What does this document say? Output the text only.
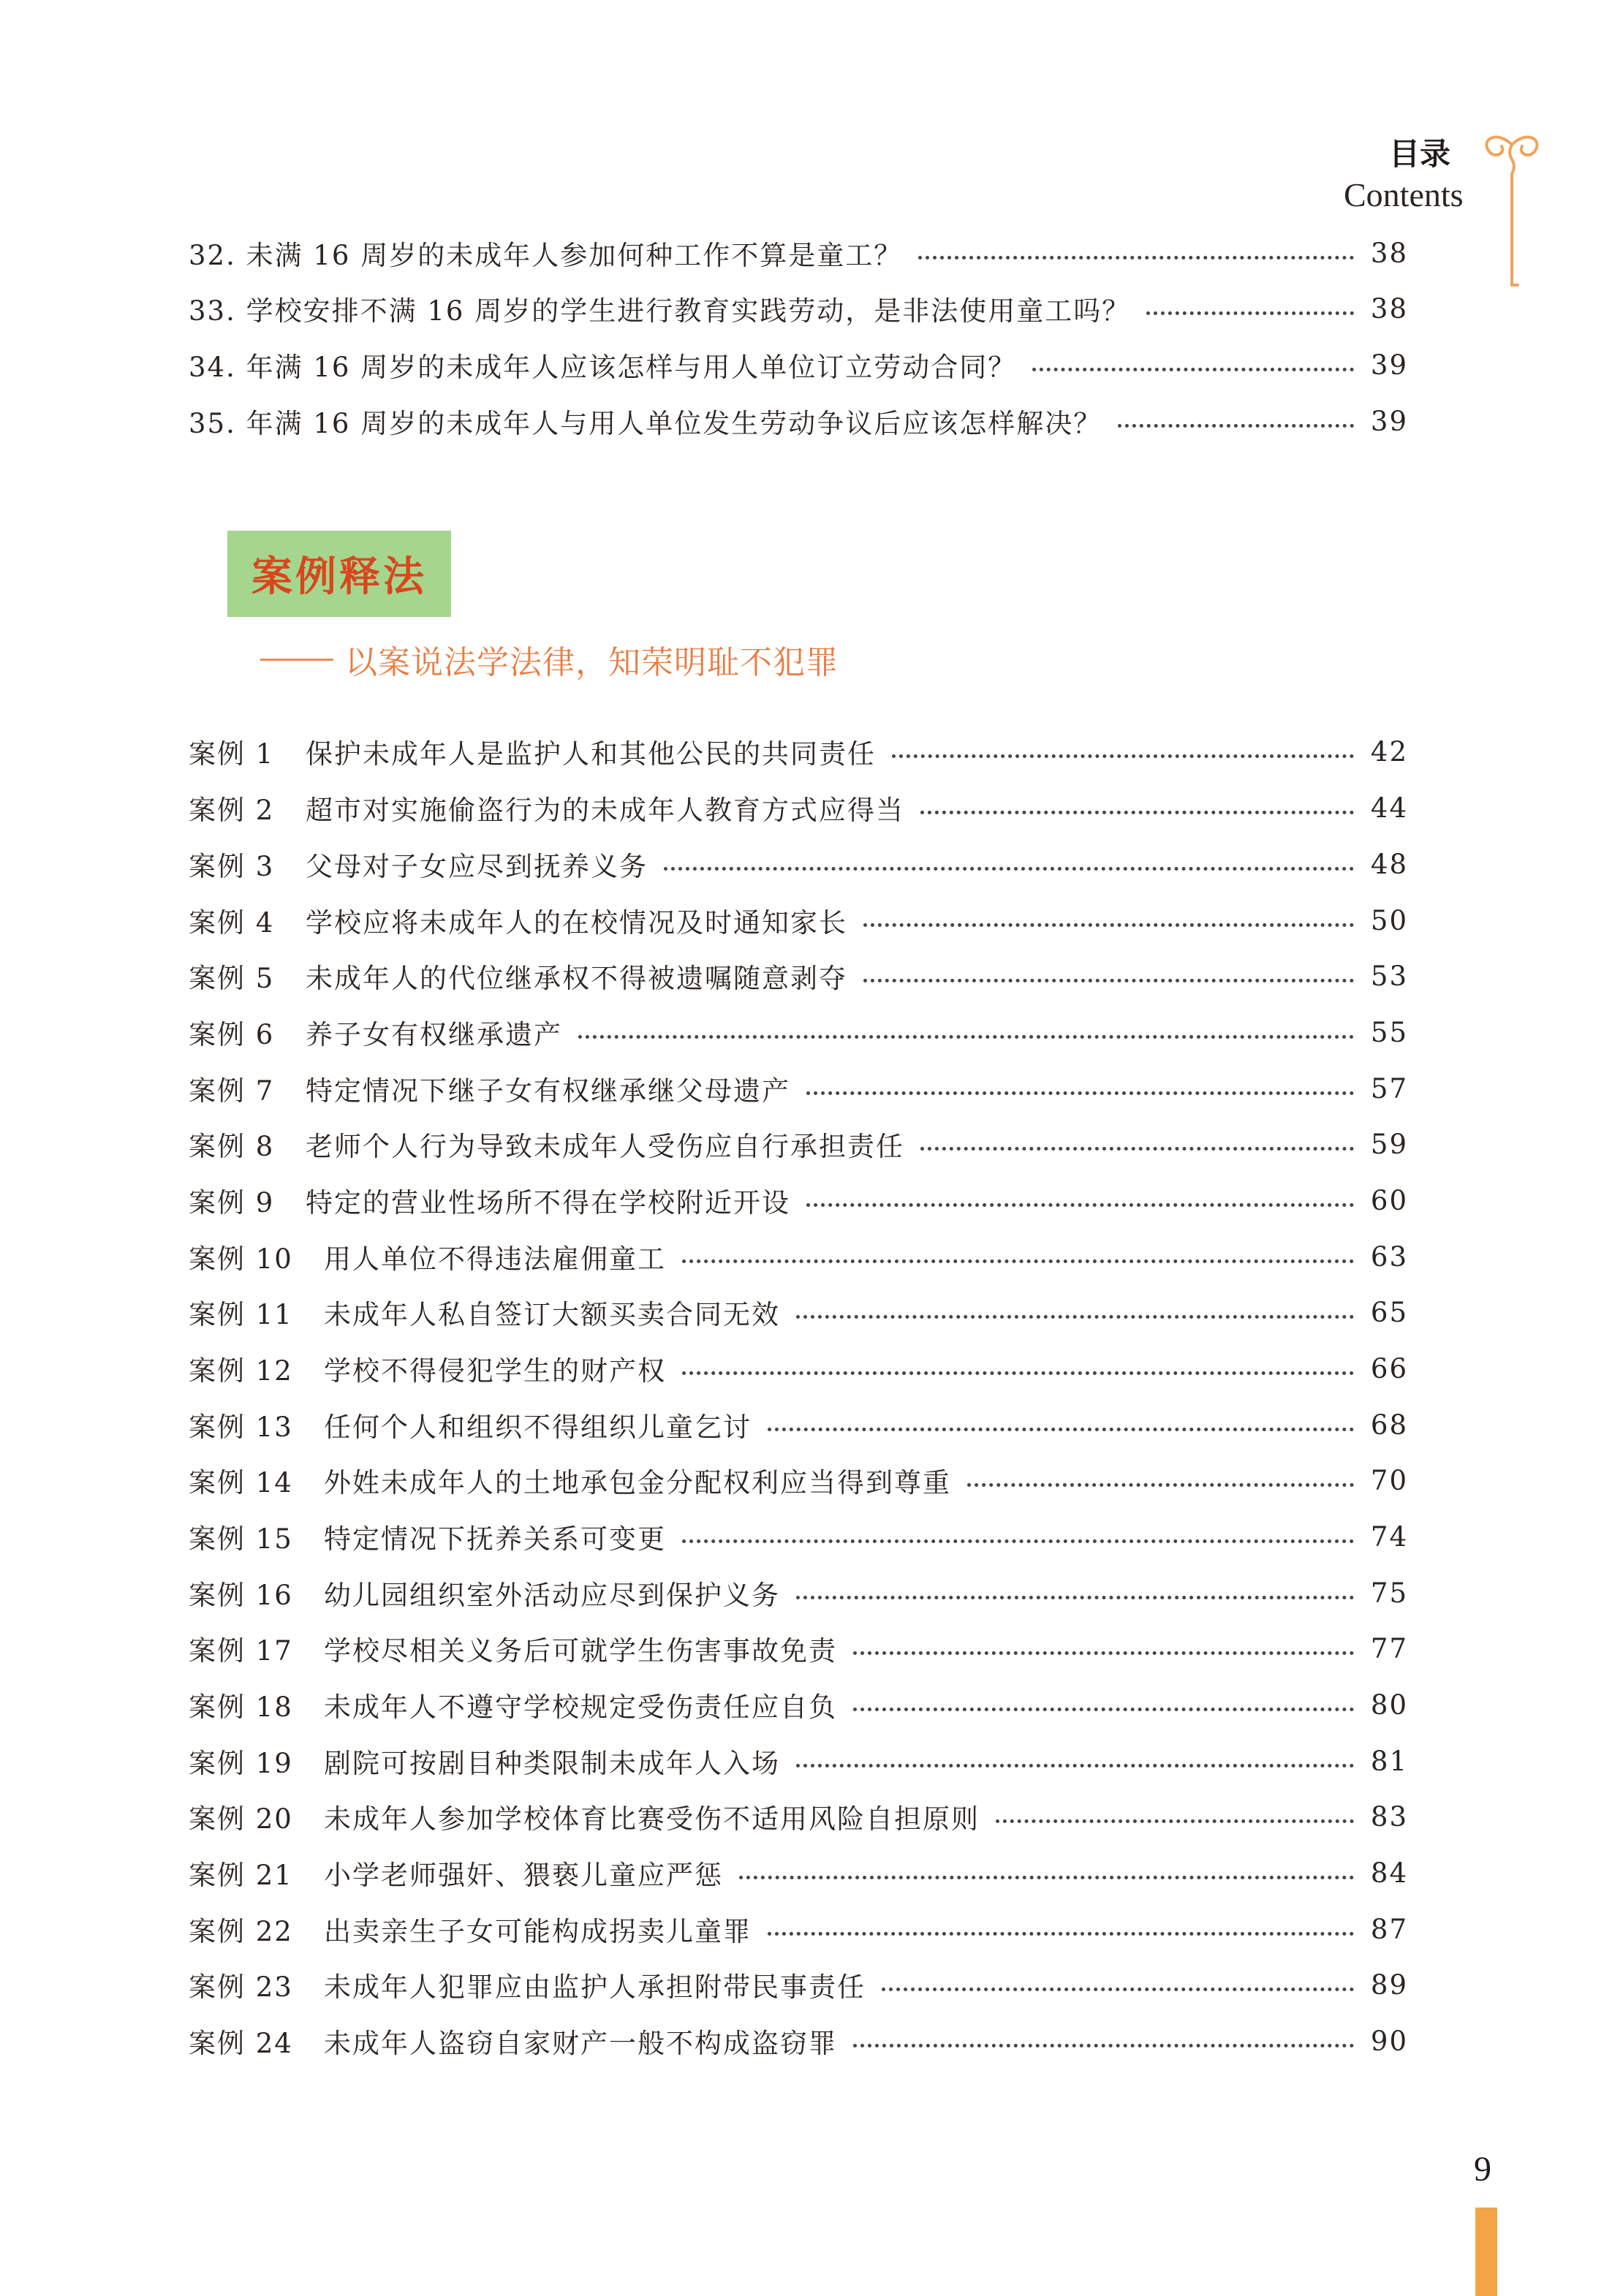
目录
Contents
32. 未满 16 周岁的未成年人参加何种工作不算是童工？	38
33. 学校安排不满 16 周岁的学生进行教育实践劳动，是非法使用童工吗？	38
34. 年满 16 周岁的未成年人应该怎样与用人单位订立劳动合同？	39
35. 年满 16 周岁的未成年人与用人单位发生劳动争议后应该怎样解决？	39
案例释法
以案说法学法律，知荣明耻不犯罪
案例 1	保护未成年人是监护人和其他公民的共同责任	42
案例 2	超市对实施偷盗行为的未成年人教育方式应得当	44
案例 3	父母对子女应尽到抚养义务	48
案例 4	学校应将未成年人的在校情况及时通知家长	50
案例 5	未成年人的代位继承权不得被遗嘱随意剥夺	53
案例 6	养子女有权继承遗产	55
案例 7	特定情况下继子女有权继承继父母遗产	57
案例 8	老师个人行为导致未成年人受伤应自行承担责任	59
案例 9	特定的营业性场所不得在学校附近开设	60
案例 10	用人单位不得违法雇佣童工	63
案例 11	未成年人私自签订大额买卖合同无效	65
案例 12	学校不得侵犯学生的财产权	66
案例 13	任何个人和组织不得组织儿童乞讨	68
案例 14	外姓未成年人的土地承包金分配权利应当得到尊重	70
案例 15	特定情况下抚养关系可变更	74
案例 16	幼儿园组织室外活动应尽到保护义务	75
案例 17	学校尽相关义务后可就学生伤害事故免责	77
案例 18	未成年人不遵守学校规定受伤责任应自负	80
案例 19	剧院可按剧目种类限制未成年人入场	81
案例 20	未成年人参加学校体育比赛受伤不适用风险自担原则	83
案例 21	小学老师强奸、猥亵儿童应严惩	84
案例 22	出卖亲生子女可能构成拐卖儿童罪	87
案例 23	未成年人犯罪应由监护人承担附带民事责任	89
案例 24	未成年人盗窃自家财产一般不构成盗窃罪	90
9
